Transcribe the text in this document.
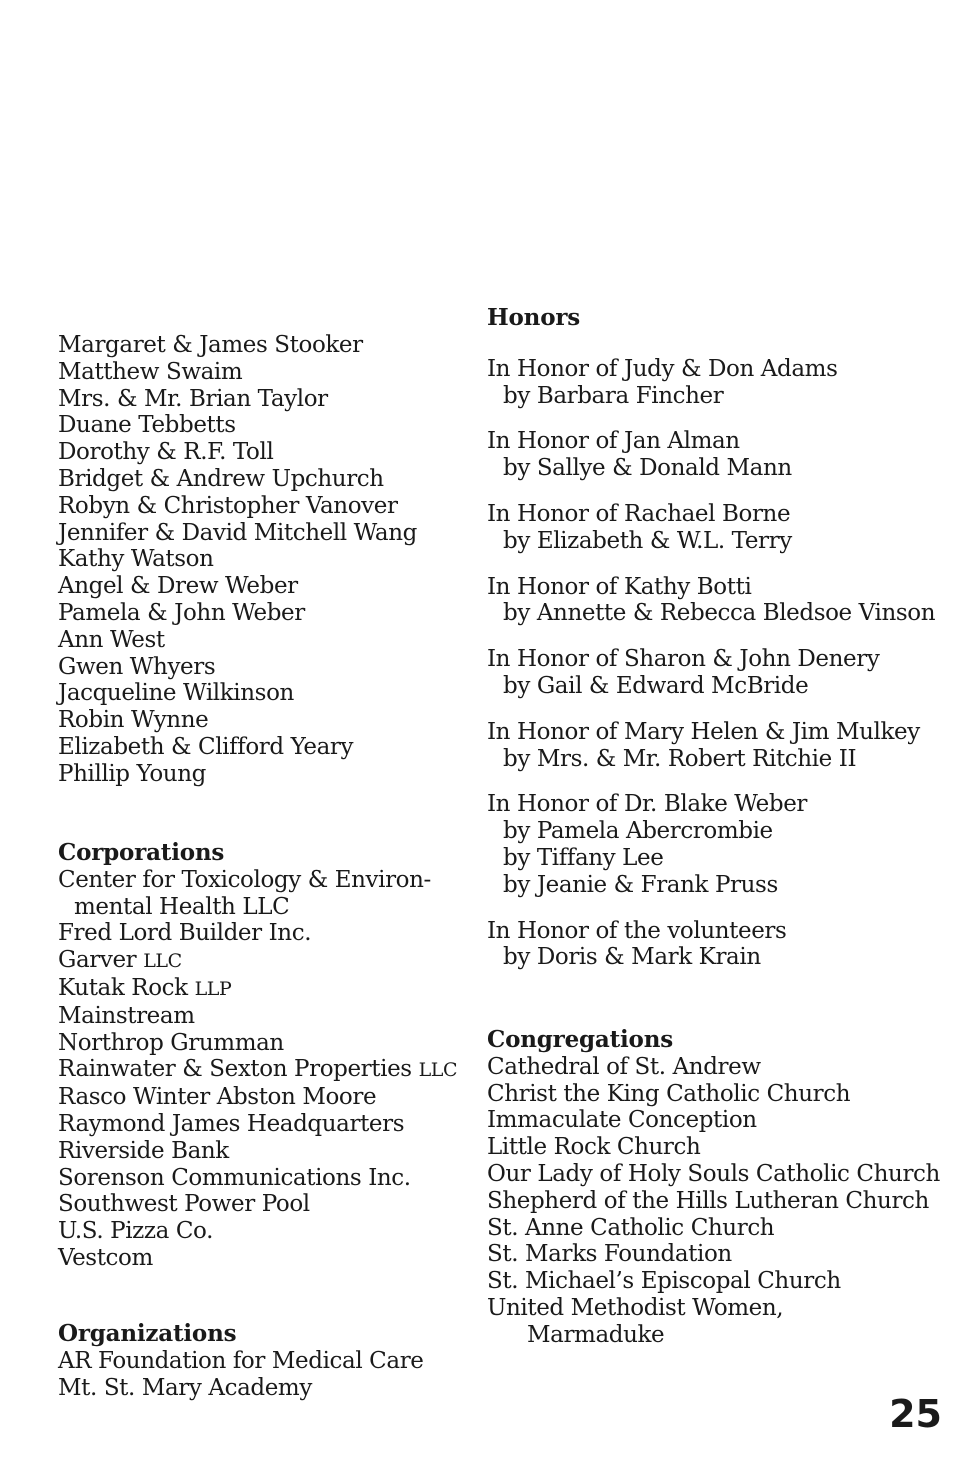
Margaret & James Stooker
Matthew Swaim
Mrs. & Mr. Brian Taylor
Duane Tebbetts
Dorothy & R.F. Toll
Bridget & Andrew Upchurch
Robyn & Christopher Vanover
Jennifer & David Mitchell Wang
Kathy Watson
Angel & Drew Weber
Pamela & John Weber
Ann West
Gwen Whyers
Jacqueline Wilkinson
Robin Wynne
Elizabeth & Clifford Yeary
Phillip Young
Corporations
Center for Toxicology & Environ-
mental Health LLC
Fred Lord Builder Inc.
Garver LLC
Kutak Rock LLP
Mainstream
Northrop Grumman
Rainwater & Sexton Properties LLC
Rasco Winter Abston Moore
Raymond James Headquarters
Riverside Bank
Sorenson Communications Inc.
Southwest Power Pool
U.S. Pizza Co.
Vestcom
Organizations
AR Foundation for Medical Care
Mt. St. Mary Academy
Honors
In Honor of Judy & Don Adams
by Barbara Fincher
In Honor of Jan Alman
by Sallye & Donald Mann
In Honor of Rachael Borne
by Elizabeth & W.L. Terry
In Honor of Kathy Botti
by Annette & Rebecca Bledsoe Vinson
In Honor of Sharon & John Denery
by Gail & Edward McBride
In Honor of Mary Helen & Jim Mulkey
by Mrs. & Mr. Robert Ritchie II
In Honor of Dr. Blake Weber
by Pamela Abercrombie
by Tiffany Lee
by Jeanie & Frank Pruss
In Honor of the volunteers
by Doris & Mark Krain
Congregations
Cathedral of St. Andrew
Christ the King Catholic Church
Immaculate Conception
Little Rock Church
Our Lady of Holy Souls Catholic Church
Shepherd of the Hills Lutheran Church
St. Anne Catholic Church
St. Marks Foundation
St. Michael’s Episcopal Church
United Methodist Women,
Marmaduke
25
